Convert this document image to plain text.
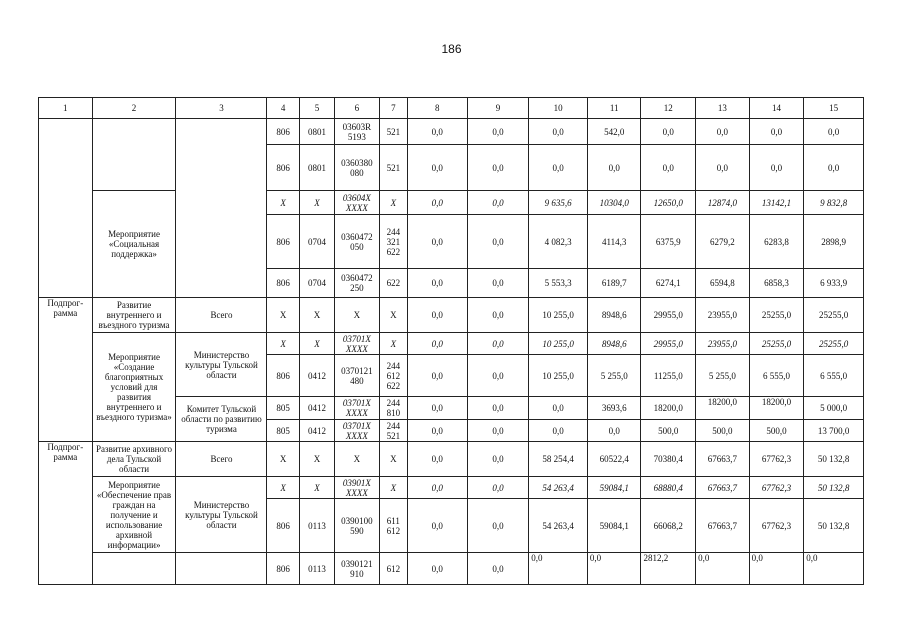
186
1	2	3	4	5	6	7	8	9	10	11	12	13	14	15
			806	0801	03603R 5193	521	0,0	0,0	0,0	542,0	0,0	0,0	0,0	0,0
			806	0801	0360380 080	521	0,0	0,0	0,0	0,0	0,0	0,0	0,0	0,0
	Мероприятие «Социальная поддержка»		X	X	03604X XXXX	X	0,0	0,0	9 635,6	10304,0	12650,0	12874,0	13142,1	9 832,8
			806	0704	0360472 050	244 321 622	0,0	0,0	4 082,3	4114,3	6375,9	6279,2	6283,8	2898,9
			806	0704	0360472 250	622	0,0	0,0	5 553,3	6189,7	6274,1	6594,8	6858,3	6 933,9
Подпрог-рамма	Развитие внутреннего и въездного туризма	Всего	X	X	X	X	0,0	0,0	10 255,0	8948,6	29955,0	23955,0	25255,0	25255,0
	Мероприятие «Создание благоприятных условий для развития внутреннего и въездного туризма»	Министерство культуры Тульской области	X	X	03701X XXXX	X	0,0	0,0	10 255,0	8948,6	29955,0	23955,0	25255,0	25255,0
			806	0412	0370121 480	244 612 622	0,0	0,0	10 255,0	5 255,0	11255,0	5 255,0	6 555,0	6 555,0
		Комитет Тульской области по развитию туризма	805	0412	03701X XXXX	244 810	0,0	0,0	0,0	3693,6	18200,0	18200,0	18200,0	5 000,0
			805	0412	03701X XXXX	244 521	0,0	0,0	0,0	0,0	500,0	500,0	500,0	13 700,0
Подпрог-рамма	Развитие архивного дела Тульской области	Всего	X	X	X	X	0,0	0,0	58 254,4	60522,4	70380,4	67663,7	67762,3	50 132,8
	Мероприятие «Обеспечение прав граждан на получение и использование архивной информации»	Министерство культуры Тульской области	X	X	03901X XXXX	X	0,0	0,0	54 263,4	59084,1	68880,4	67663,7	67762,3	50 132,8
			806	0113	0390100 590	611 612	0,0	0,0	54 263,4	59084,1	66068,2	67663,7	67762,3	50 132,8
			806	0113	0390121 910	612	0,0	0,0	0,0	0,0	2812,2	0,0	0,0	0,0
